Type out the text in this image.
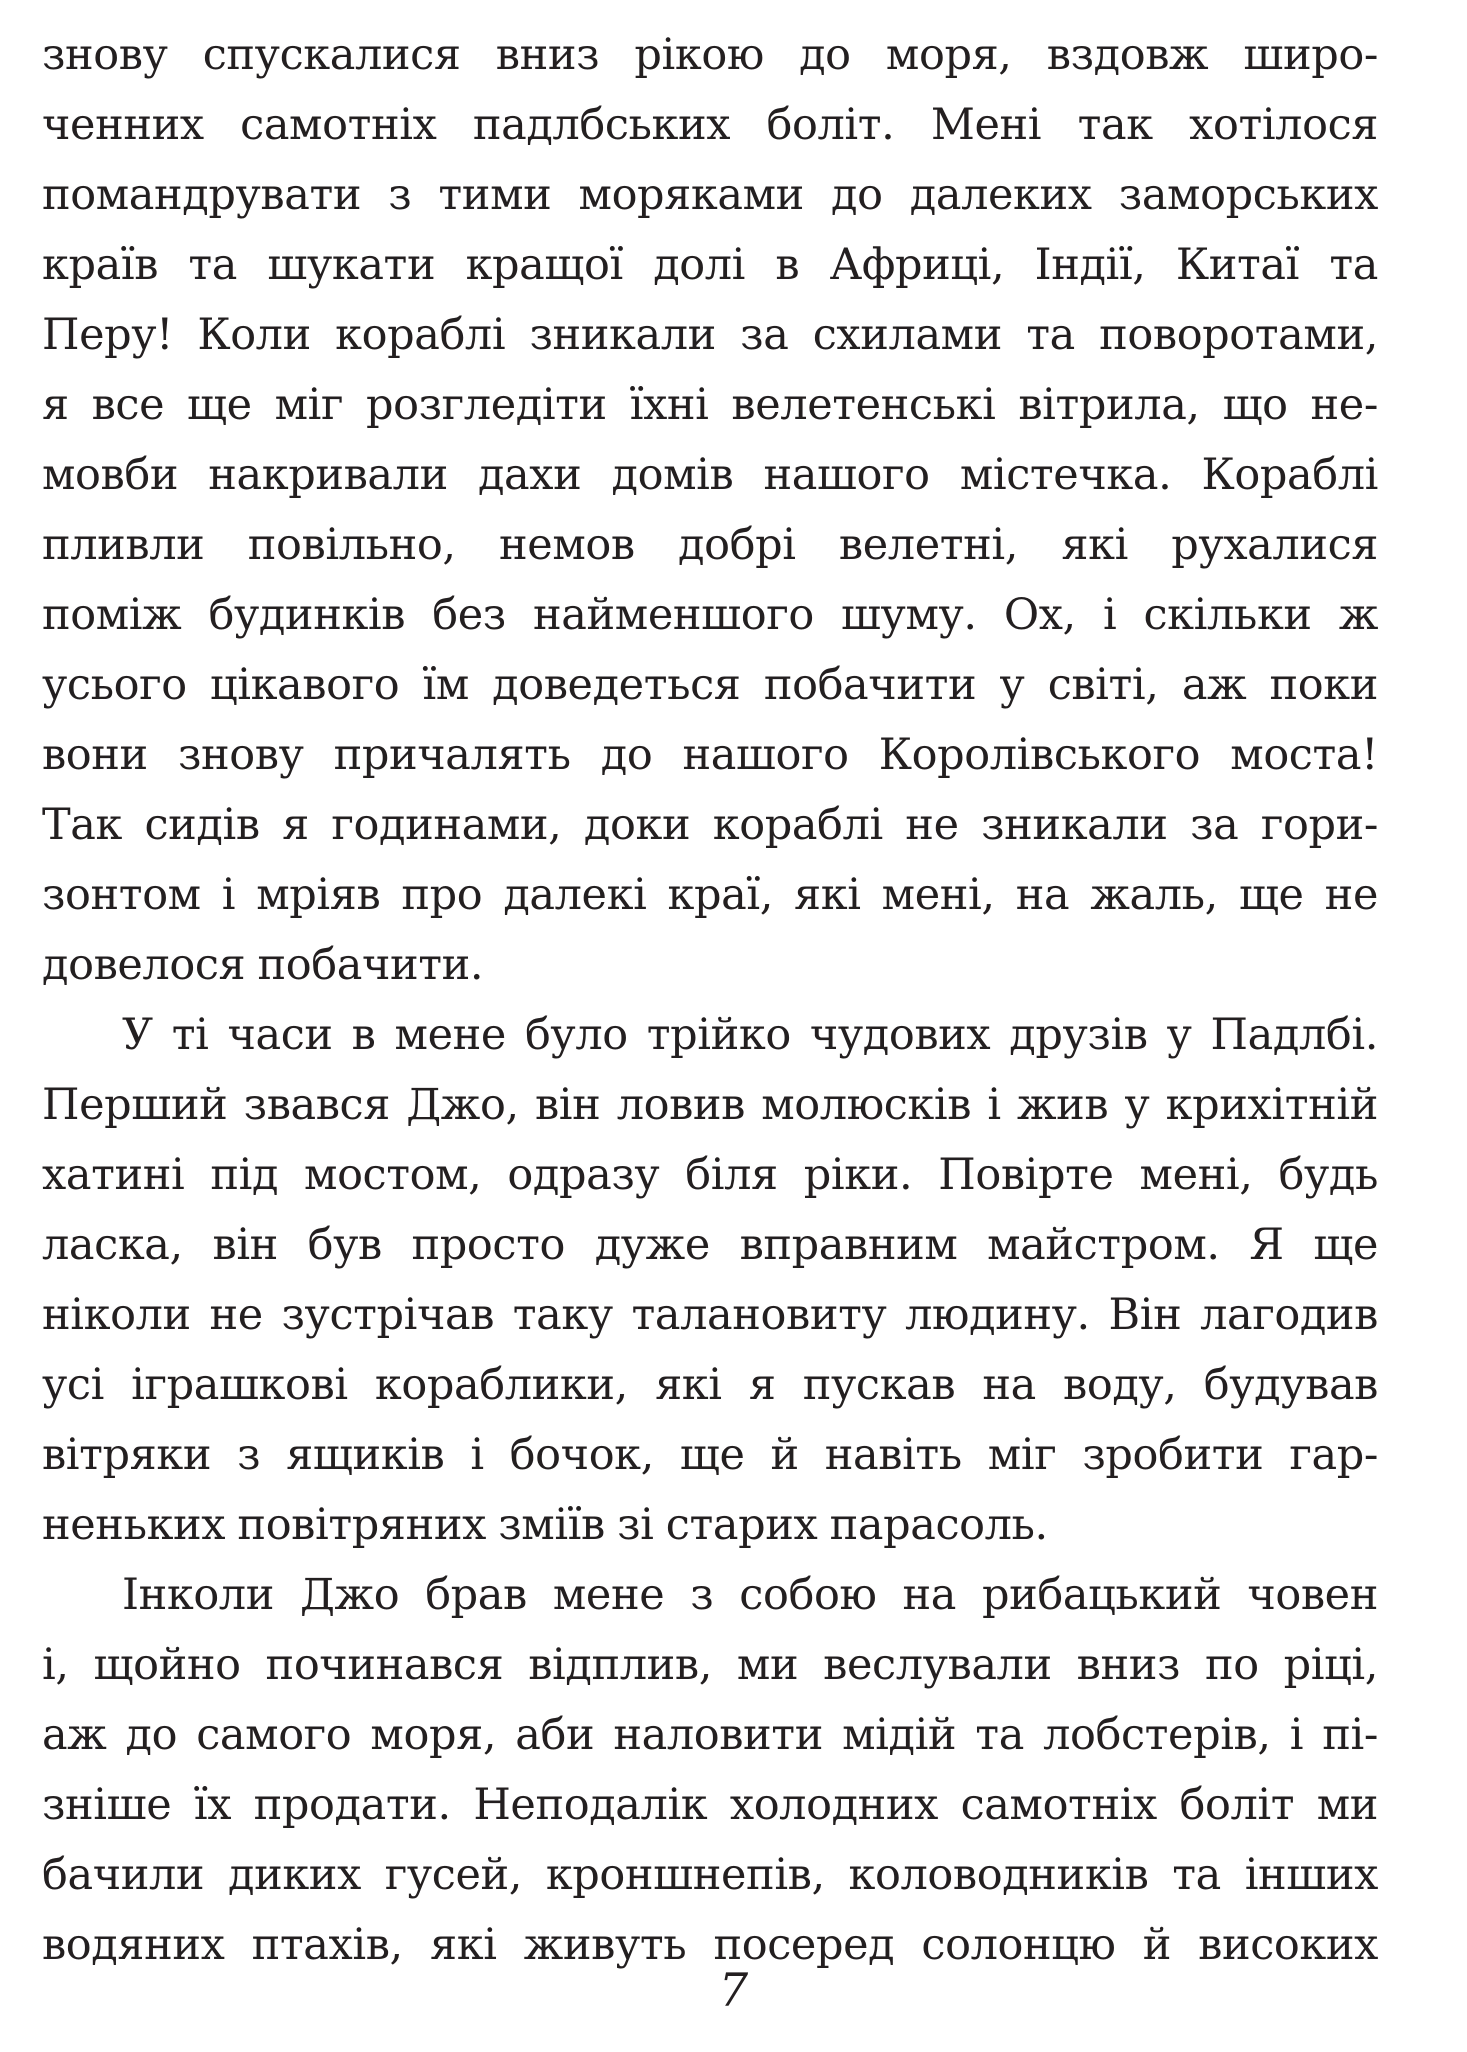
знову спускалися вниз рікою до моря, вздовж широ-
ченних самотніх падлбських боліт. Мені так хотілося
помандрувати з тими моряками до далеких заморських
країв та шукати кращої долі в Африці, Індії, Китаї та
Перу! Коли кораблі зникали за схилами та поворотами,
я все ще міг розгледіти їхні велетенські вітрила, що не-
мовби накривали дахи домів нашого містечка. Кораблі
пливли повільно, немов добрі велетні, які рухалися
поміж будинків без найменшого шуму. Ох, і скільки ж
усього цікавого їм доведеться побачити у світі, аж поки
вони знову причалять до нашого Королівського моста!
Так сидів я годинами, доки кораблі не зникали за гори-
зонтом і мріяв про далекі краї, які мені, на жаль, ще не
довелося побачити.
У ті часи в мене було трійко чудових друзів у Падлбі.
Перший звався Джо, він ловив молюсків і жив у крихітній
хатині під мостом, одразу біля ріки. Повірте мені, будь
ласка, він був просто дуже вправним майстром. Я ще
ніколи не зустрічав таку талановиту людину. Він лагодив
усі іграшкові кораблики, які я пускав на воду, будував
вітряки з ящиків і бочок, ще й навіть міг зробити гар-
неньких повітряних зміїв зі старих парасоль.
Інколи Джо брав мене з собою на рибацький човен
і, щойно починався відплив, ми веслували вниз по ріці,
аж до самого моря, аби наловити мідій та лобстерів, і пі-
зніше їх продати. Неподалік холодних самотніх боліт ми
бачили диких гусей, кроншнепів, коловодників та інших
водяних птахів, які живуть посеред солонцю й високих
7
